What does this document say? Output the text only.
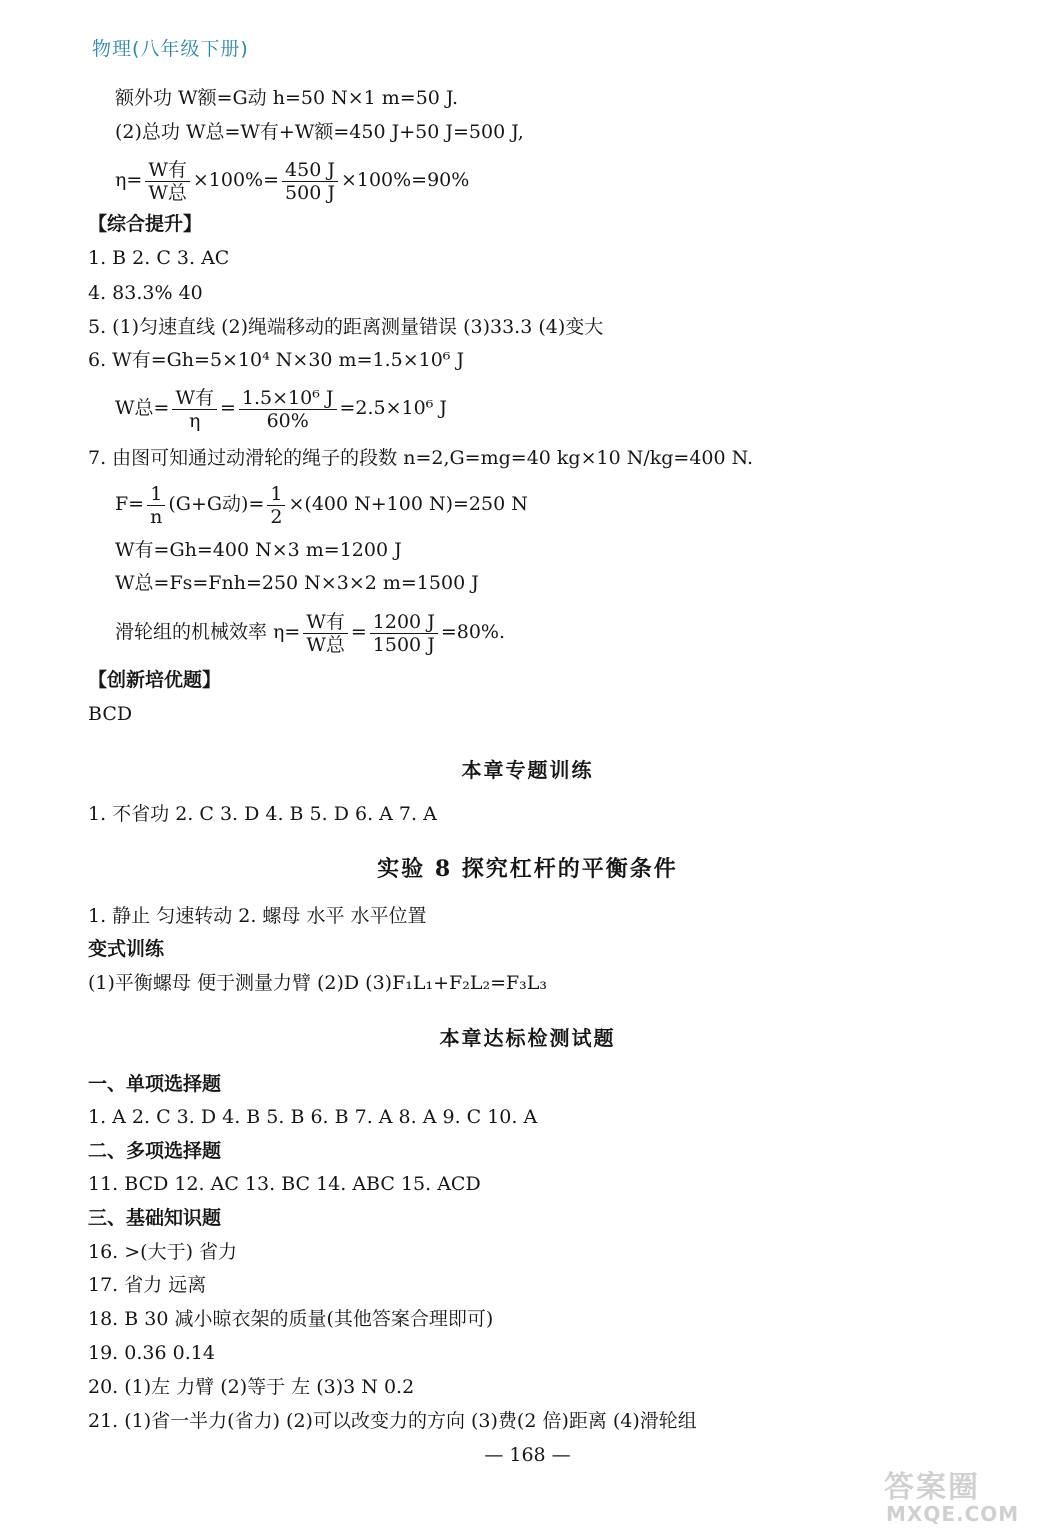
物理(八年级下册)
额外功 W额=G动 h=50 N×1 m=50 J.
(2)总功 W总=W有+W额=450 J+50 J=500 J,
$\eta= \frac{\text{W有}}{\text{W总}} \times 100\%= \frac{450 J}{500 J} \times 100\%=90\%$
【综合提升】
1. B 2. C 3. AC
4. 83.3% 40
5. (1)匀速直线 (2)绳端移动的距离测量错误 (3)33.3 (4)变大
6. W有=Gh=5×10⁴ N×30 m=1.5×10⁶ J
W总= $\frac{\text{W有}}{\eta} = \frac{\text{1.5×10⁶ J}}{60\%} =2.5\times 10^6$ J
7. 由图可知通过动滑轮的绳子的段数 n=2,G=mg=40 kg×10 N/kg=400 N.
$F= \frac{1}{n} (G+G$动)= $\frac{1}{2} \times(400$ N+100 N)=250 N
W有=Gh=400 N×3 m=1200 J
W总=Fs=Fnh=250 N×3×2 m=1500 J
滑轮组的机械效率 $\eta= \frac{\text{W有}}{\text{W总}} = \frac{1200 J}{1500 J} =80\%$.
【创新培优题】
BCD
本章专题训练
1. 不省功 2. C 3. D 4. B 5. D 6. A 7. A
实验 8 探究杠杆的平衡条件
1. 静止 匀速转动 2. 螺母 水平 水平位置
变式训练
(1)平衡螺母 便于测量力臂 (2)D (3)F₁L₁+F₂L₂=F₃L₃
本章达标检测试题
一、单项选择题
1. A 2. C 3. D 4. B 5. B 6. B 7. A 8. A 9. C 10. A
二、多项选择题
11. BCD 12. AC 13. BC 14. ABC 15. ACD
三、基础知识题
16. >(大于) 省力
17. 省力 远离
18. B 30 减小晾衣架的质量(其他答案合理即可)
19. 0.36 0.14
20. (1)左 力臂 (2)等于 左 (3)3 N 0.2
21. (1)省一半力(省力) (2)可以改变力的方向 (3)费(2 倍)距离 (4)滑轮组
— 168 —
答案圈
MXQE.COM
